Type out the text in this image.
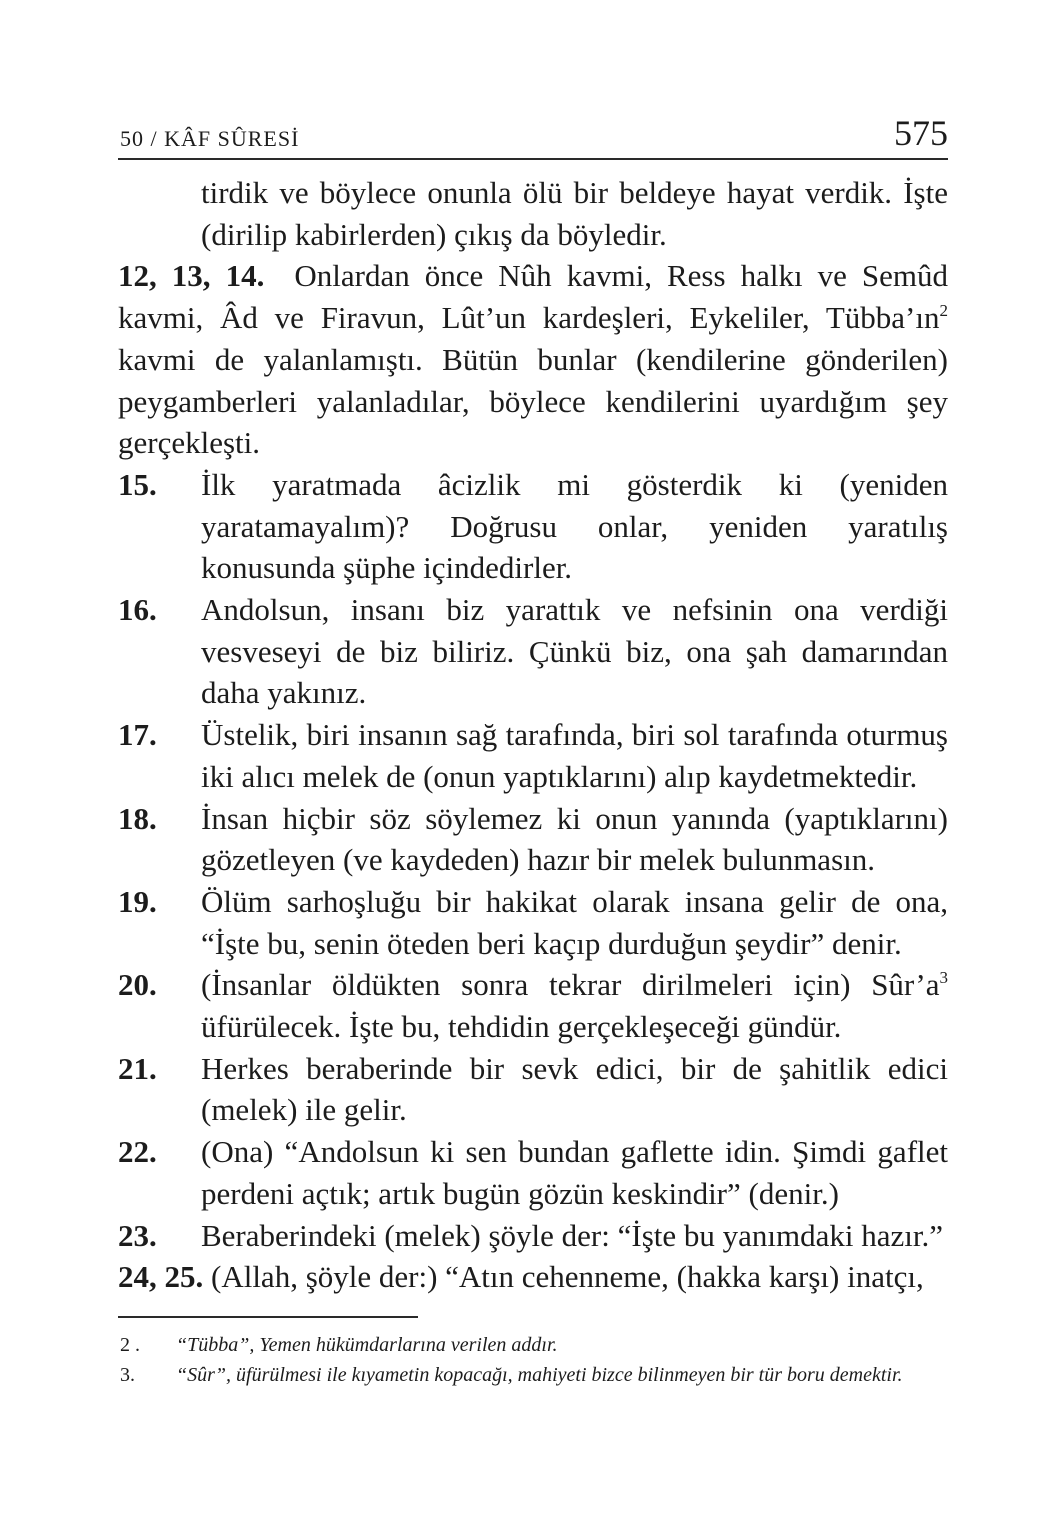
50 / KÂF SÛRESİ	575
tirdik ve böylece onunla ölü bir beldeye hayat verdik. İşte (dirilip kabirlerden) çıkış da böyledir.
12, 13, 14. Onlardan önce Nûh kavmi, Ress halkı ve Semûd kavmi, Âd ve Firavun, Lût’un kardeşleri, Eykeliler, $Tübba’ın^2$ kavmi de yalanlamıştı. Bütün bunlar (kendilerine gönderilen) peygamberleri yalanladılar, böylece kendilerini uyardığım şey gerçekleşti.
15. İlk yaratmada âcizlik mi gösterdik ki (yeniden yaratamayalım)? Doğrusu onlar, yeniden yaratılış konusunda şüphe içindedirler.
16. Andolsun, insanı biz yarattık ve nefsinin ona verdiği vesveseyi de biz biliriz. Çünkü biz, ona şah damarından daha yakınız.
17. Üstelik, biri insanın sağ tarafında, biri sol tarafında oturmuş iki alıcı melek de (onun yaptıklarını) alıp kaydetmektedir.
18. İnsan hiçbir söz söylemez ki onun yanında (yaptıklarını) gözetleyen (ve kaydeden) hazır bir melek bulunmasın.
19. Ölüm sarhoşluğu bir hakikat olarak insana gelir de ona, “İşte bu, senin öteden beri kaçıp durduğun şeydir” denir.
20. (İnsanlar öldükten sonra tekrar dirilmeleri için) $Sûr’a^3$ üfürülecek. İşte bu, tehdidin gerçekleşeceği gündür.
21. Herkes beraberinde bir sevk edici, bir de şahitlik edici (melek) ile gelir.
22. (Ona) “Andolsun ki sen bundan gaflette idin. Şimdi gaflet perdeni açtık; artık bugün gözün keskindir” (denir.)
23. Beraberindeki (melek) şöyle der: “İşte bu yanımdaki hazır.”
24, 25. (Allah, şöyle der:) “Atın cehenneme, (hakka karşı) inatçı,
2 . “Tübba”, Yemen hükümdarlarına verilen addır.
3. “Sûr”, üfürülmesi ile kıyametin kopacağı, mahiyeti bizce bilinmeyen bir tür boru demektir.
